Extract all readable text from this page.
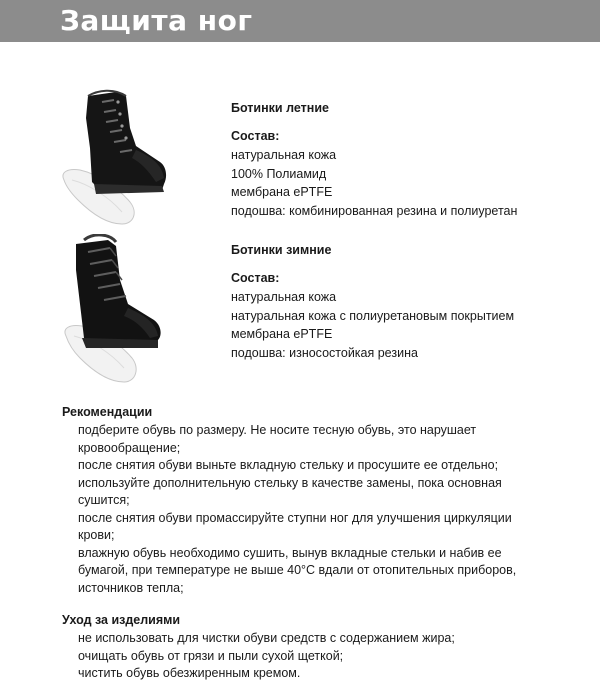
Защита ног
Ботинки летние
Состав:
натуральная кожа
100% Полиамид
мембрана ePTFE
подошва: комбинированная резина и полиуретан
Ботинки зимние
Состав:
натуральная кожа
натуральная кожа с полиуретановым покрытием
мембрана ePTFE
подошва: износостойкая резина
Рекомендации
подберите обувь по размеру. Не носите тесную обувь, это нарушает кровообращение;
после снятия обуви выньте вкладную стельку и просушите ее отдельно;
используйте дополнительную стельку в качестве замены, пока основная сушится;
после снятия обуви промассируйте ступни ног для улучшения циркуляции крови;
влажную обувь необходимо сушить, вынув вкладные стельки и набив ее бумагой, при температуре не выше 40°С вдали от отопительных приборов, источников тепла;
Уход за изделиями
не использовать для чистки обуви средств с содержанием жира;
очищать обувь от грязи и пыли сухой щеткой;
чистить обувь обезжиренным кремом.
